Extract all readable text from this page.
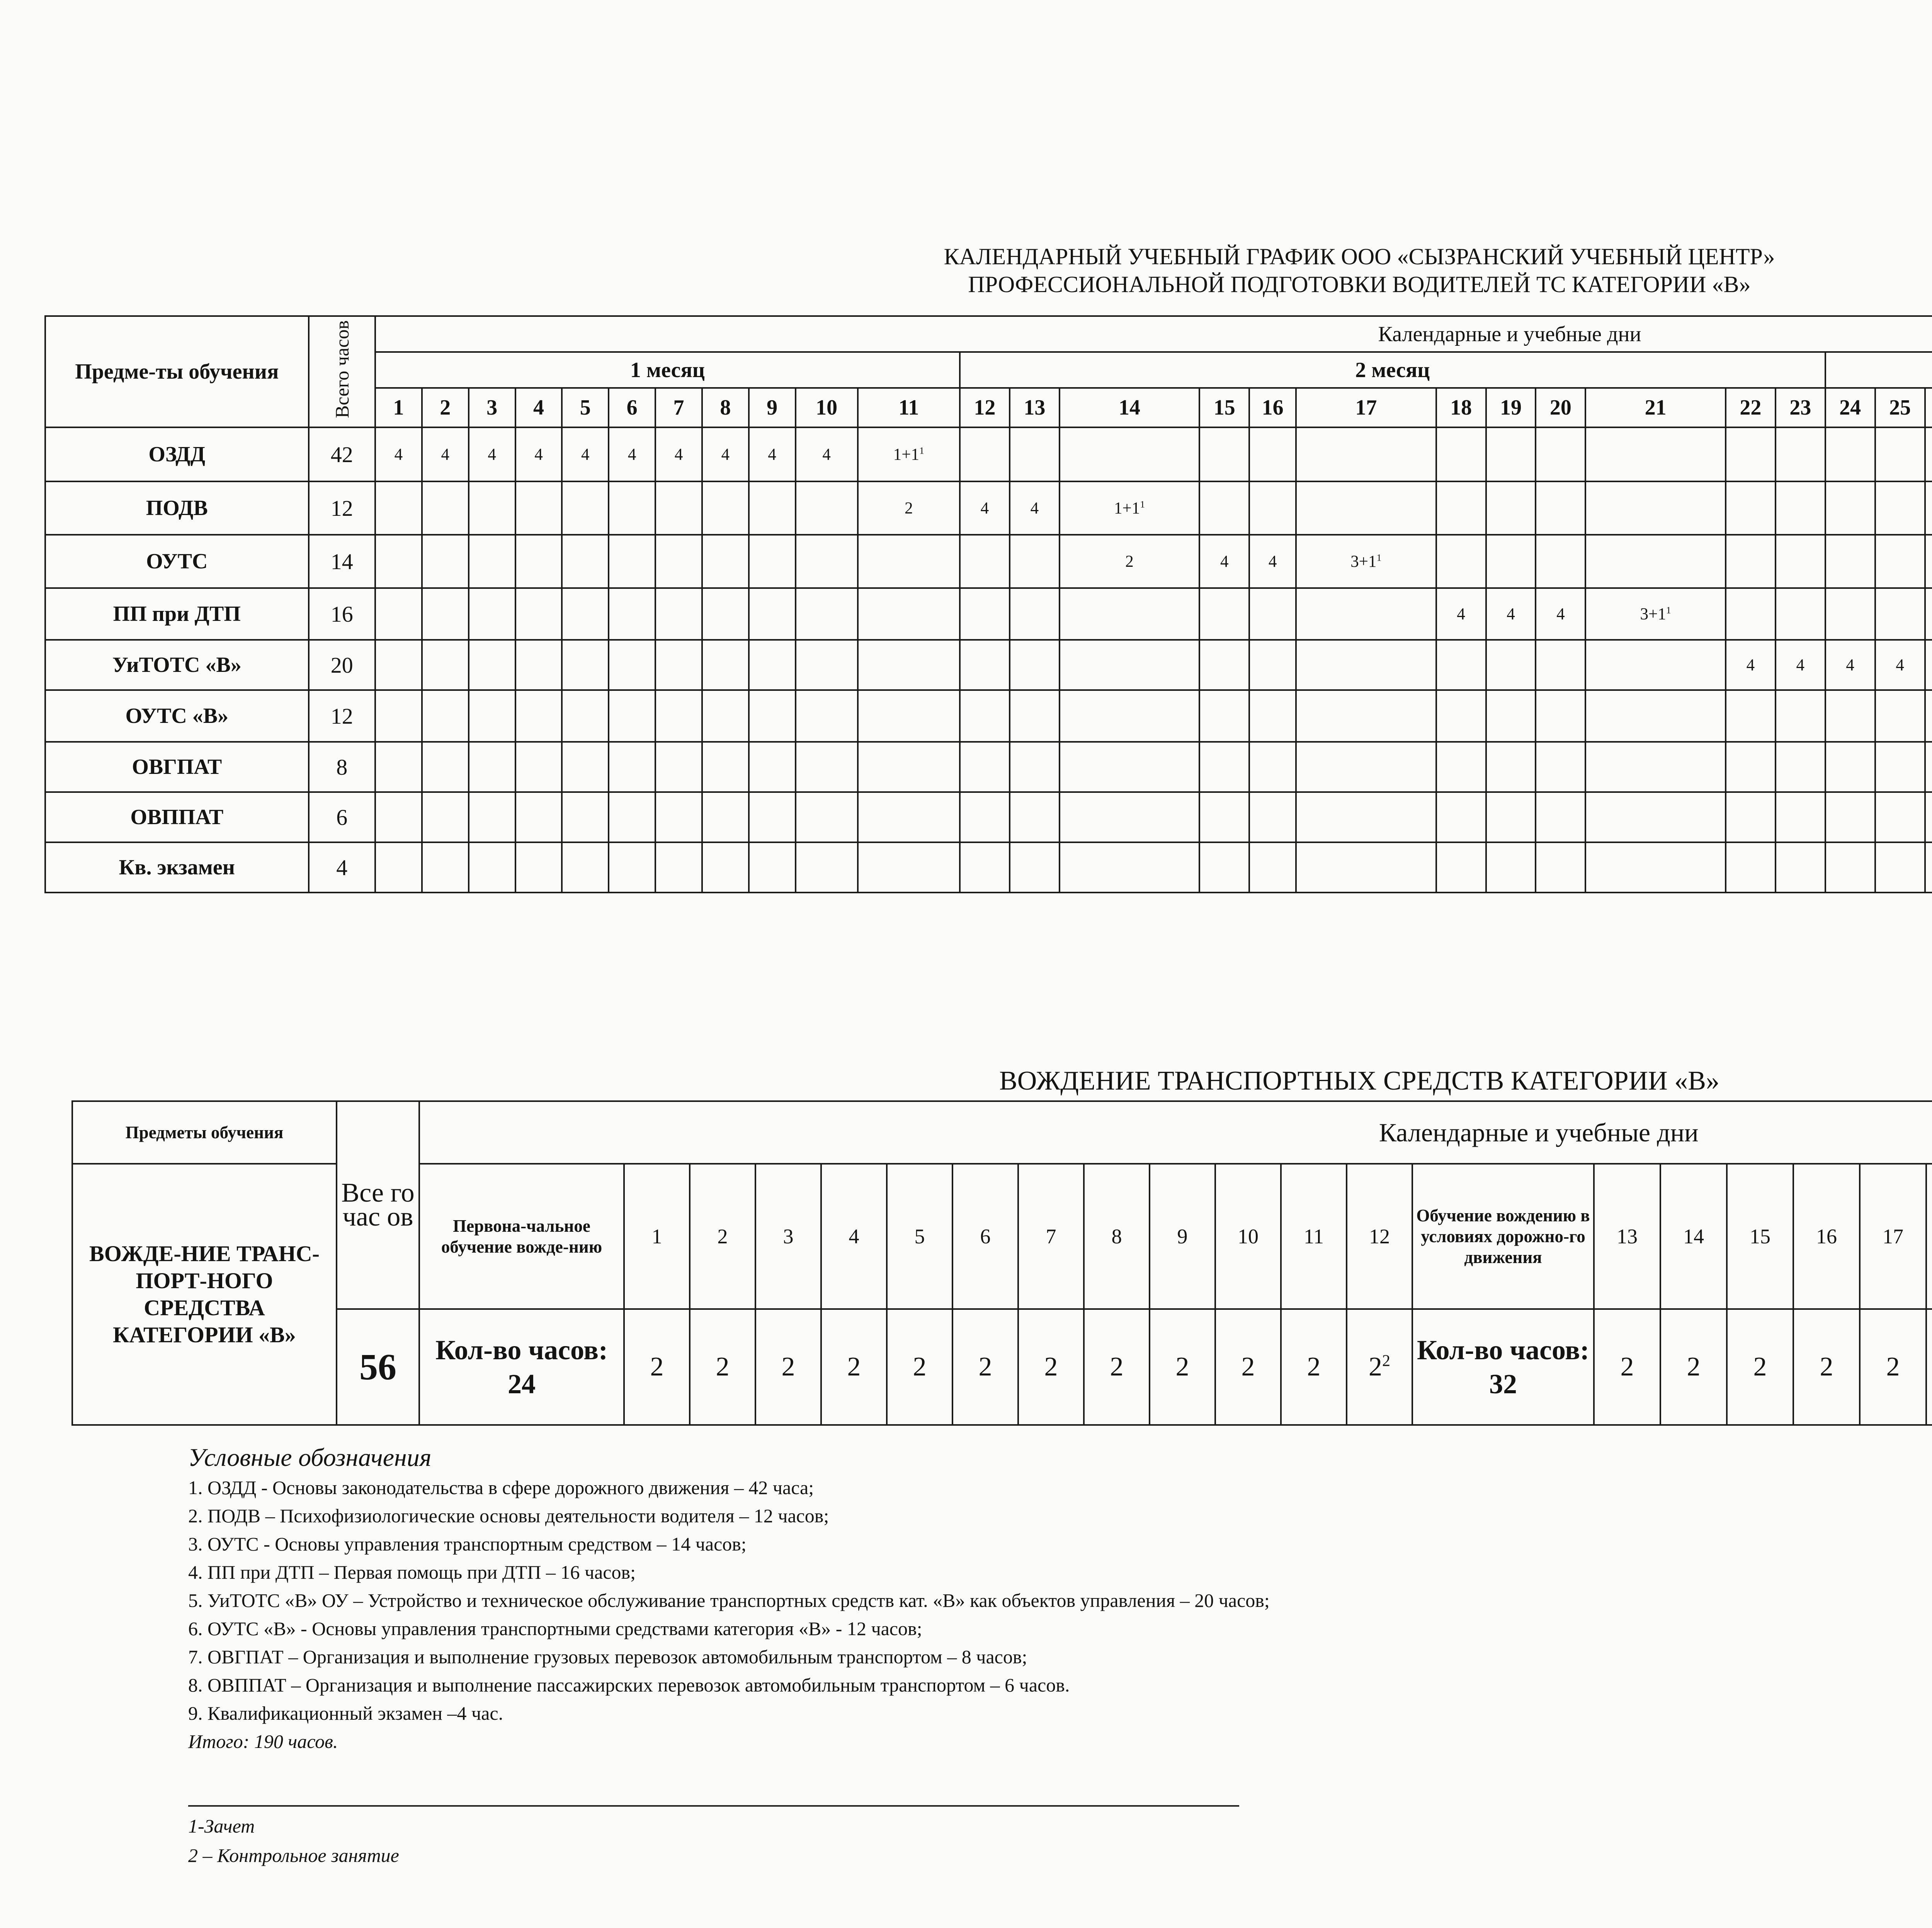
КАЛЕНДАРНЫЙ УЧЕБНЫЙ ГРАФИК ООО «СЫЗРАНСКИЙ УЧЕБНЫЙ ЦЕНТР»
ПРОФЕССИОНАЛЬНОЙ ПОДГОТОВКИ ВОДИТЕЛЕЙ ТС КАТЕГОРИИ «В»
Предме-ты обучения	Всего часов	Календарные и учебные дни																																	
		1 месяц											2 месяц	
		1	2	3	4	5	6	7	8	9	10	11	12	13	14	15	16	17	18	19	20	21	22	23	24	25									
ОЗДД	42	4	4	4	4	4	4	4	4	4	4	$1+1^1$																							
ПОДВ	12											2	4	4	$1+1^1$																				
ОУТС	14														2	4	4	$3+1^1$																	
ПП при ДТП	16																		4	4	4	$3+1^1$													
УиТОТС «В»	20																						4	4	4	4									
ОУТС «В»	12																																		
ОВГПАТ	8																																		
ОВППАТ	6																																		
Кв. экзамен	4																																		
ВОЖДЕНИЕ ТРАНСПОРТНЫХ СРЕДСТВ КАТЕГОРИИ «В»
Предметы обучения	Все го час ов	Календарные и учебные дни																													
ВОЖДЕ-НИЕ ТРАНС-ПОРТ-НОГО СРЕДСТВА КАТЕГОРИИ «В»		Первона-чальное обучение вожде-нию	1	2	3	4	5	6	7	8	9	10	11	12	Обучение вождению в условиях дорожно-го движения	13	14	15	16	17											
	56	Кол-во часов: 24	2	2	2	2	2	2	2	2	2	2	2	$2^2$	Кол-во часов: 32	2	2	2	2	2											
Условные обозначения
1. ОЗДД - Основы законодательства в сфере дорожного движения – 42 часа;
2. ПОДВ – Психофизиологические основы деятельности водителя – 12 часов;
3. ОУТС - Основы управления транспортным средством – 14 часов;
4. ПП при ДТП – Первая помощь при ДТП – 16 часов;
5. УиТОТС «В» ОУ – Устройство и техническое обслуживание транспортных средств кат. «В» как объектов управления – 20 часов;
6. ОУТС «В» - Основы управления транспортными средствами категория «В» - 12 часов;
7. ОВГПАТ – Организация и выполнение грузовых перевозок автомобильным транспортом – 8 часов;
8. ОВППАТ – Организация и выполнение пассажирских перевозок автомобильным транспортом – 6 часов.
9. Квалификационный экзамен –4 час.
Итого: 190 часов.
1-Зачет
2 – Контрольное занятие
